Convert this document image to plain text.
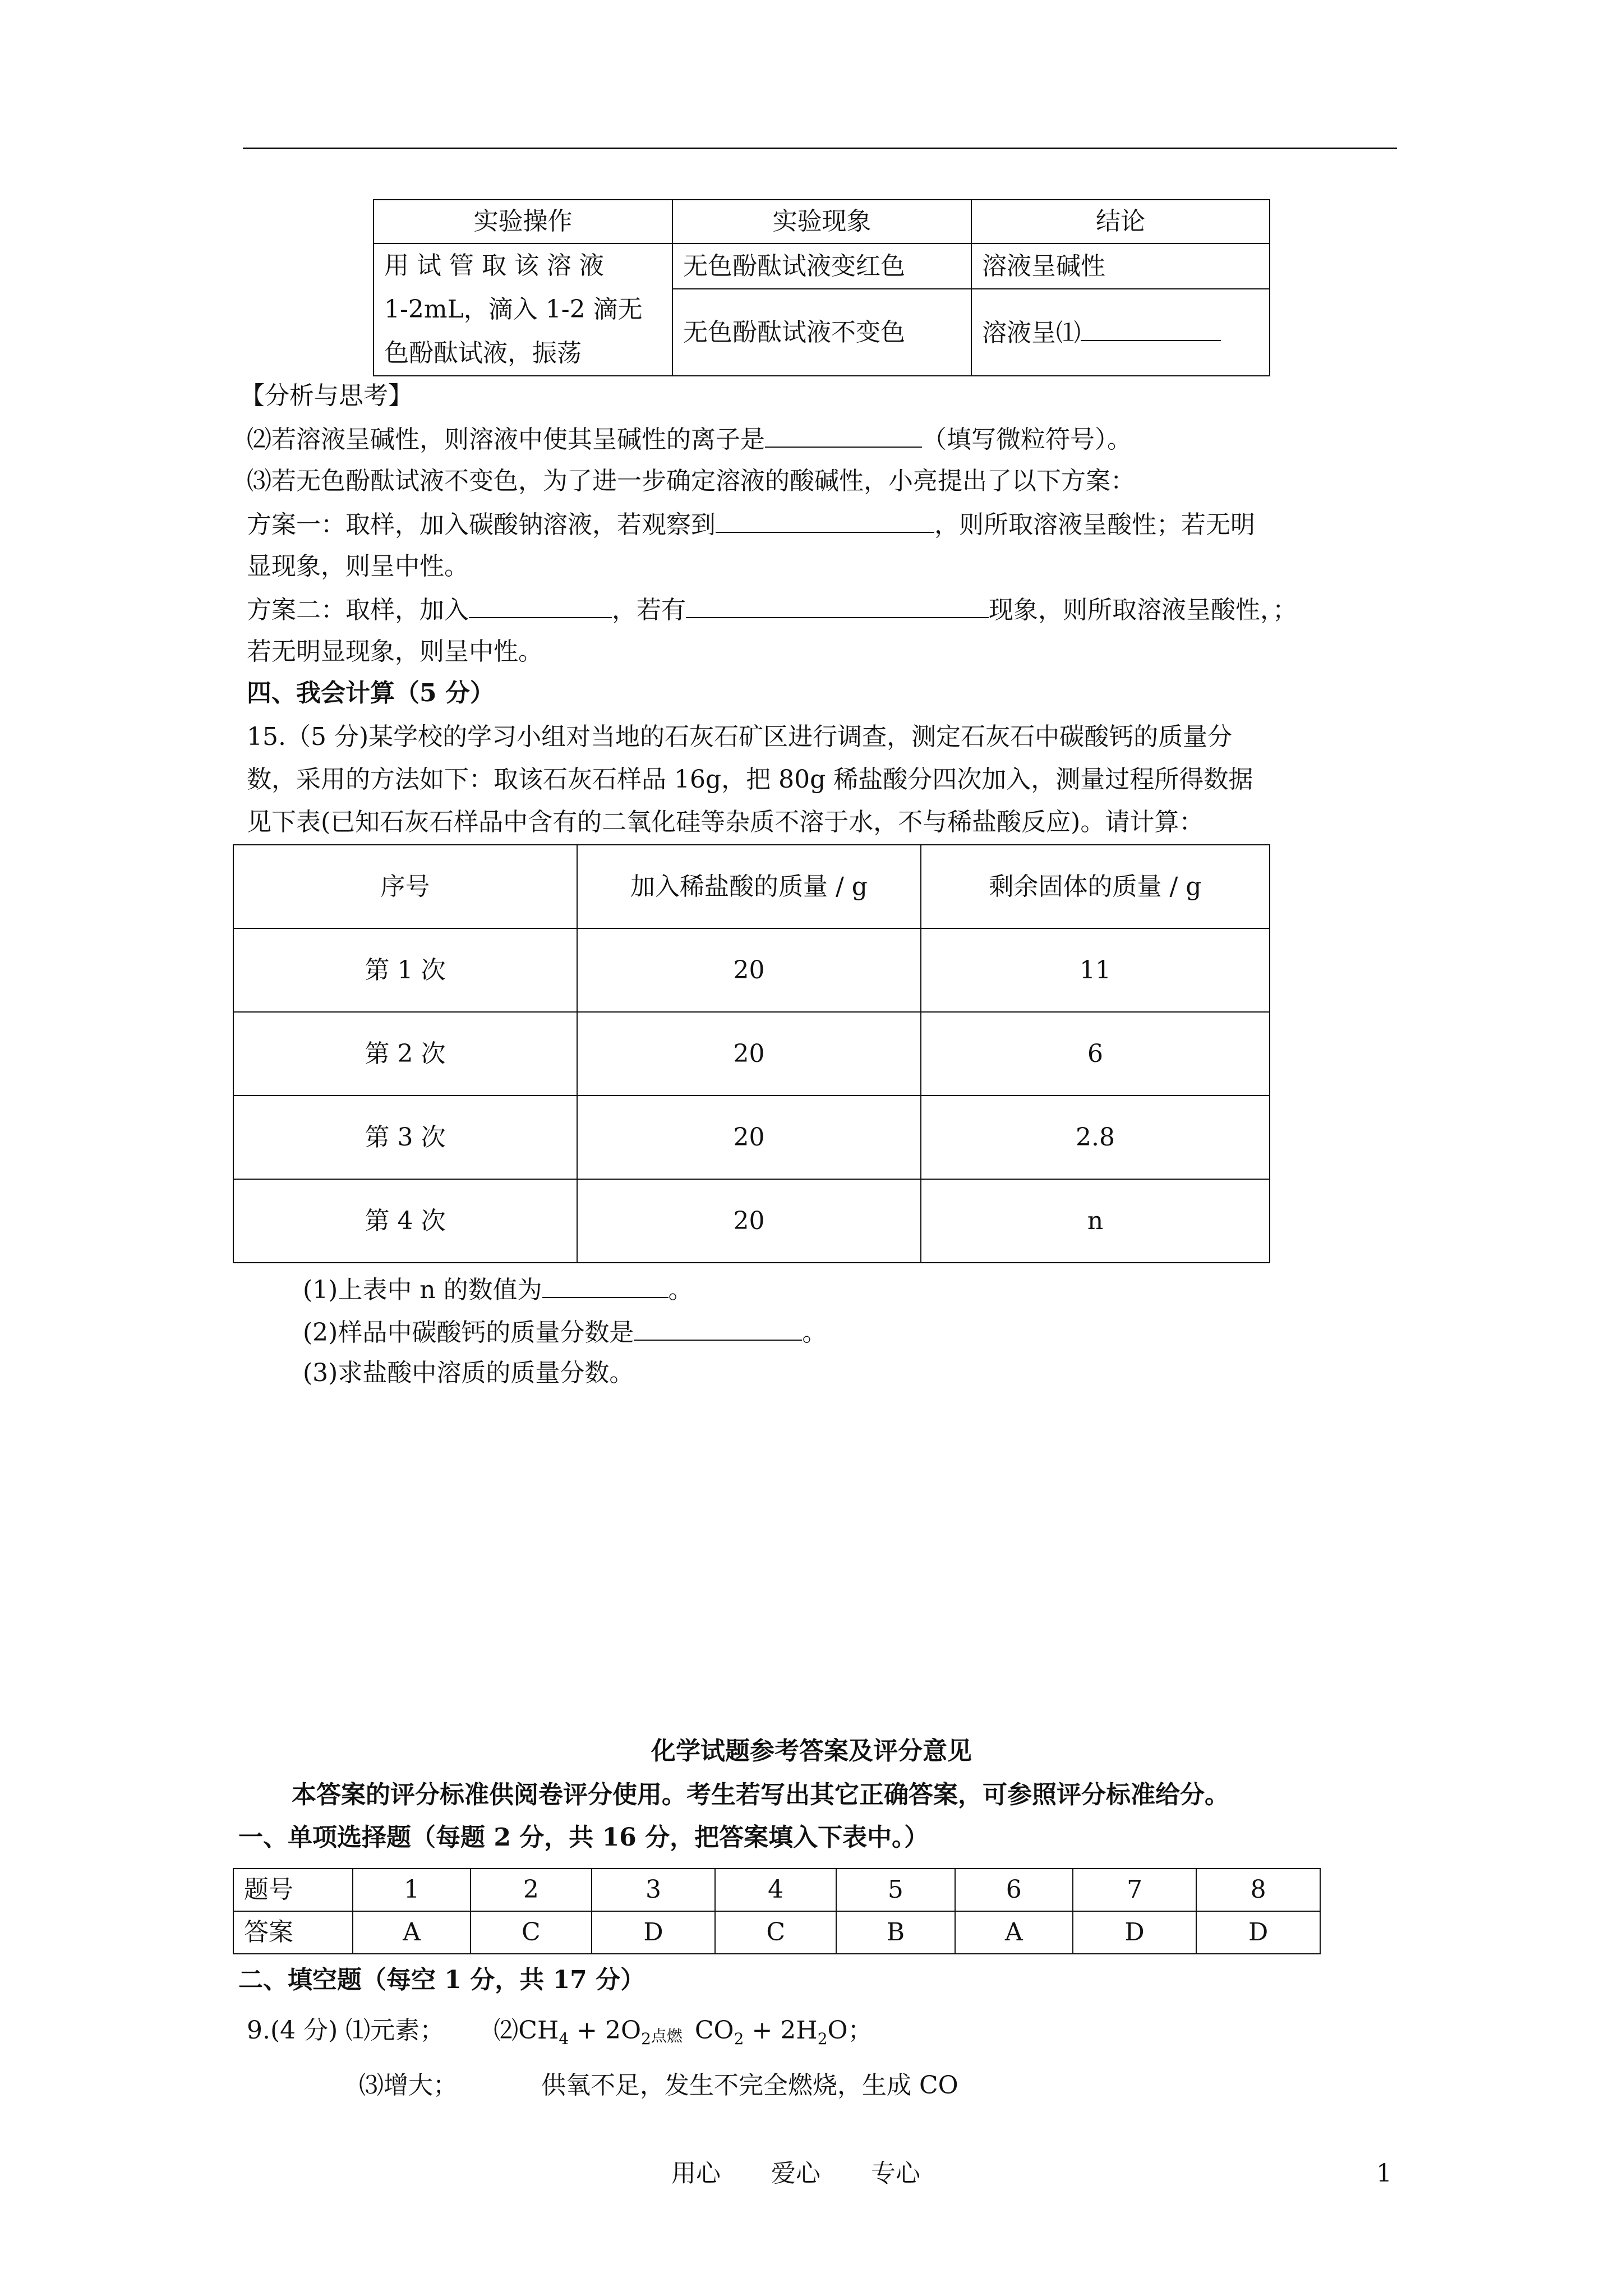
实验操作	实验现象	结论

用 试 管 取 该 溶 液
1-2mL，滴入 1-2 滴无
色酚酞试液，振荡	无色酚酞试液变红色	溶液呈碱性
	无色酚酞试液不变色	溶液呈⑴
【分析与思考】
⑵若溶液呈碱性，则溶液中使其呈碱性的离子是	（填写微粒符号）。
⑶若无色酚酞试液不变色，为了进一步确定溶液的酸碱性，小亮提出了以下方案：
方案一：取样，加入碳酸钠溶液，若观察到	，则所取溶液呈酸性；若无明
显现象，则呈中性。
方案二：取样，加入	，若有	现象，则所取溶液呈酸性，；
若无明显现象，则呈中性。
四、我会计算（5 分）
15.（5 分)某学校的学习小组对当地的石灰石矿区进行调查，测定石灰石中碳酸钙的质量分
数，采用的方法如下：取该石灰石样品 16g，把 80g 稀盐酸分四次加入，测量过程所得数据
见下表(已知石灰石样品中含有的二氧化硅等杂质不溶于水，不与稀盐酸反应)。请计算：
序号	加入稀盐酸的质量 / g	剩余固体的质量 / g
第 1 次	20	11
第 2 次	20	6
第 3 次	20	2.8
第 4 次	20	n
(1)上表中 n 的数值为	。
(2)样品中碳酸钙的质量分数是	。
(3)求盐酸中溶质的质量分数。
化学试题参考答案及评分意见
本答案的评分标准供阅卷评分使用。考生若写出其它正确答案，可参照评分标准给分。
一、单项选择题（每题 2 分，共 16 分，把答案填入下表中。）
题号	1	2	3	4	5	6	7	8
答案	A	C	D	C	B	A	D	D
二、填空题（每空 1 分，共 17 分）
9.(4 分) ⑴元素； $⑵CH_4 + 2O_2$ 点燃 $CO_2 + 2H_2O$；
⑶增大；	供氧不足，发生不完全燃烧，生成 CO
用心 爱心 专心	1
